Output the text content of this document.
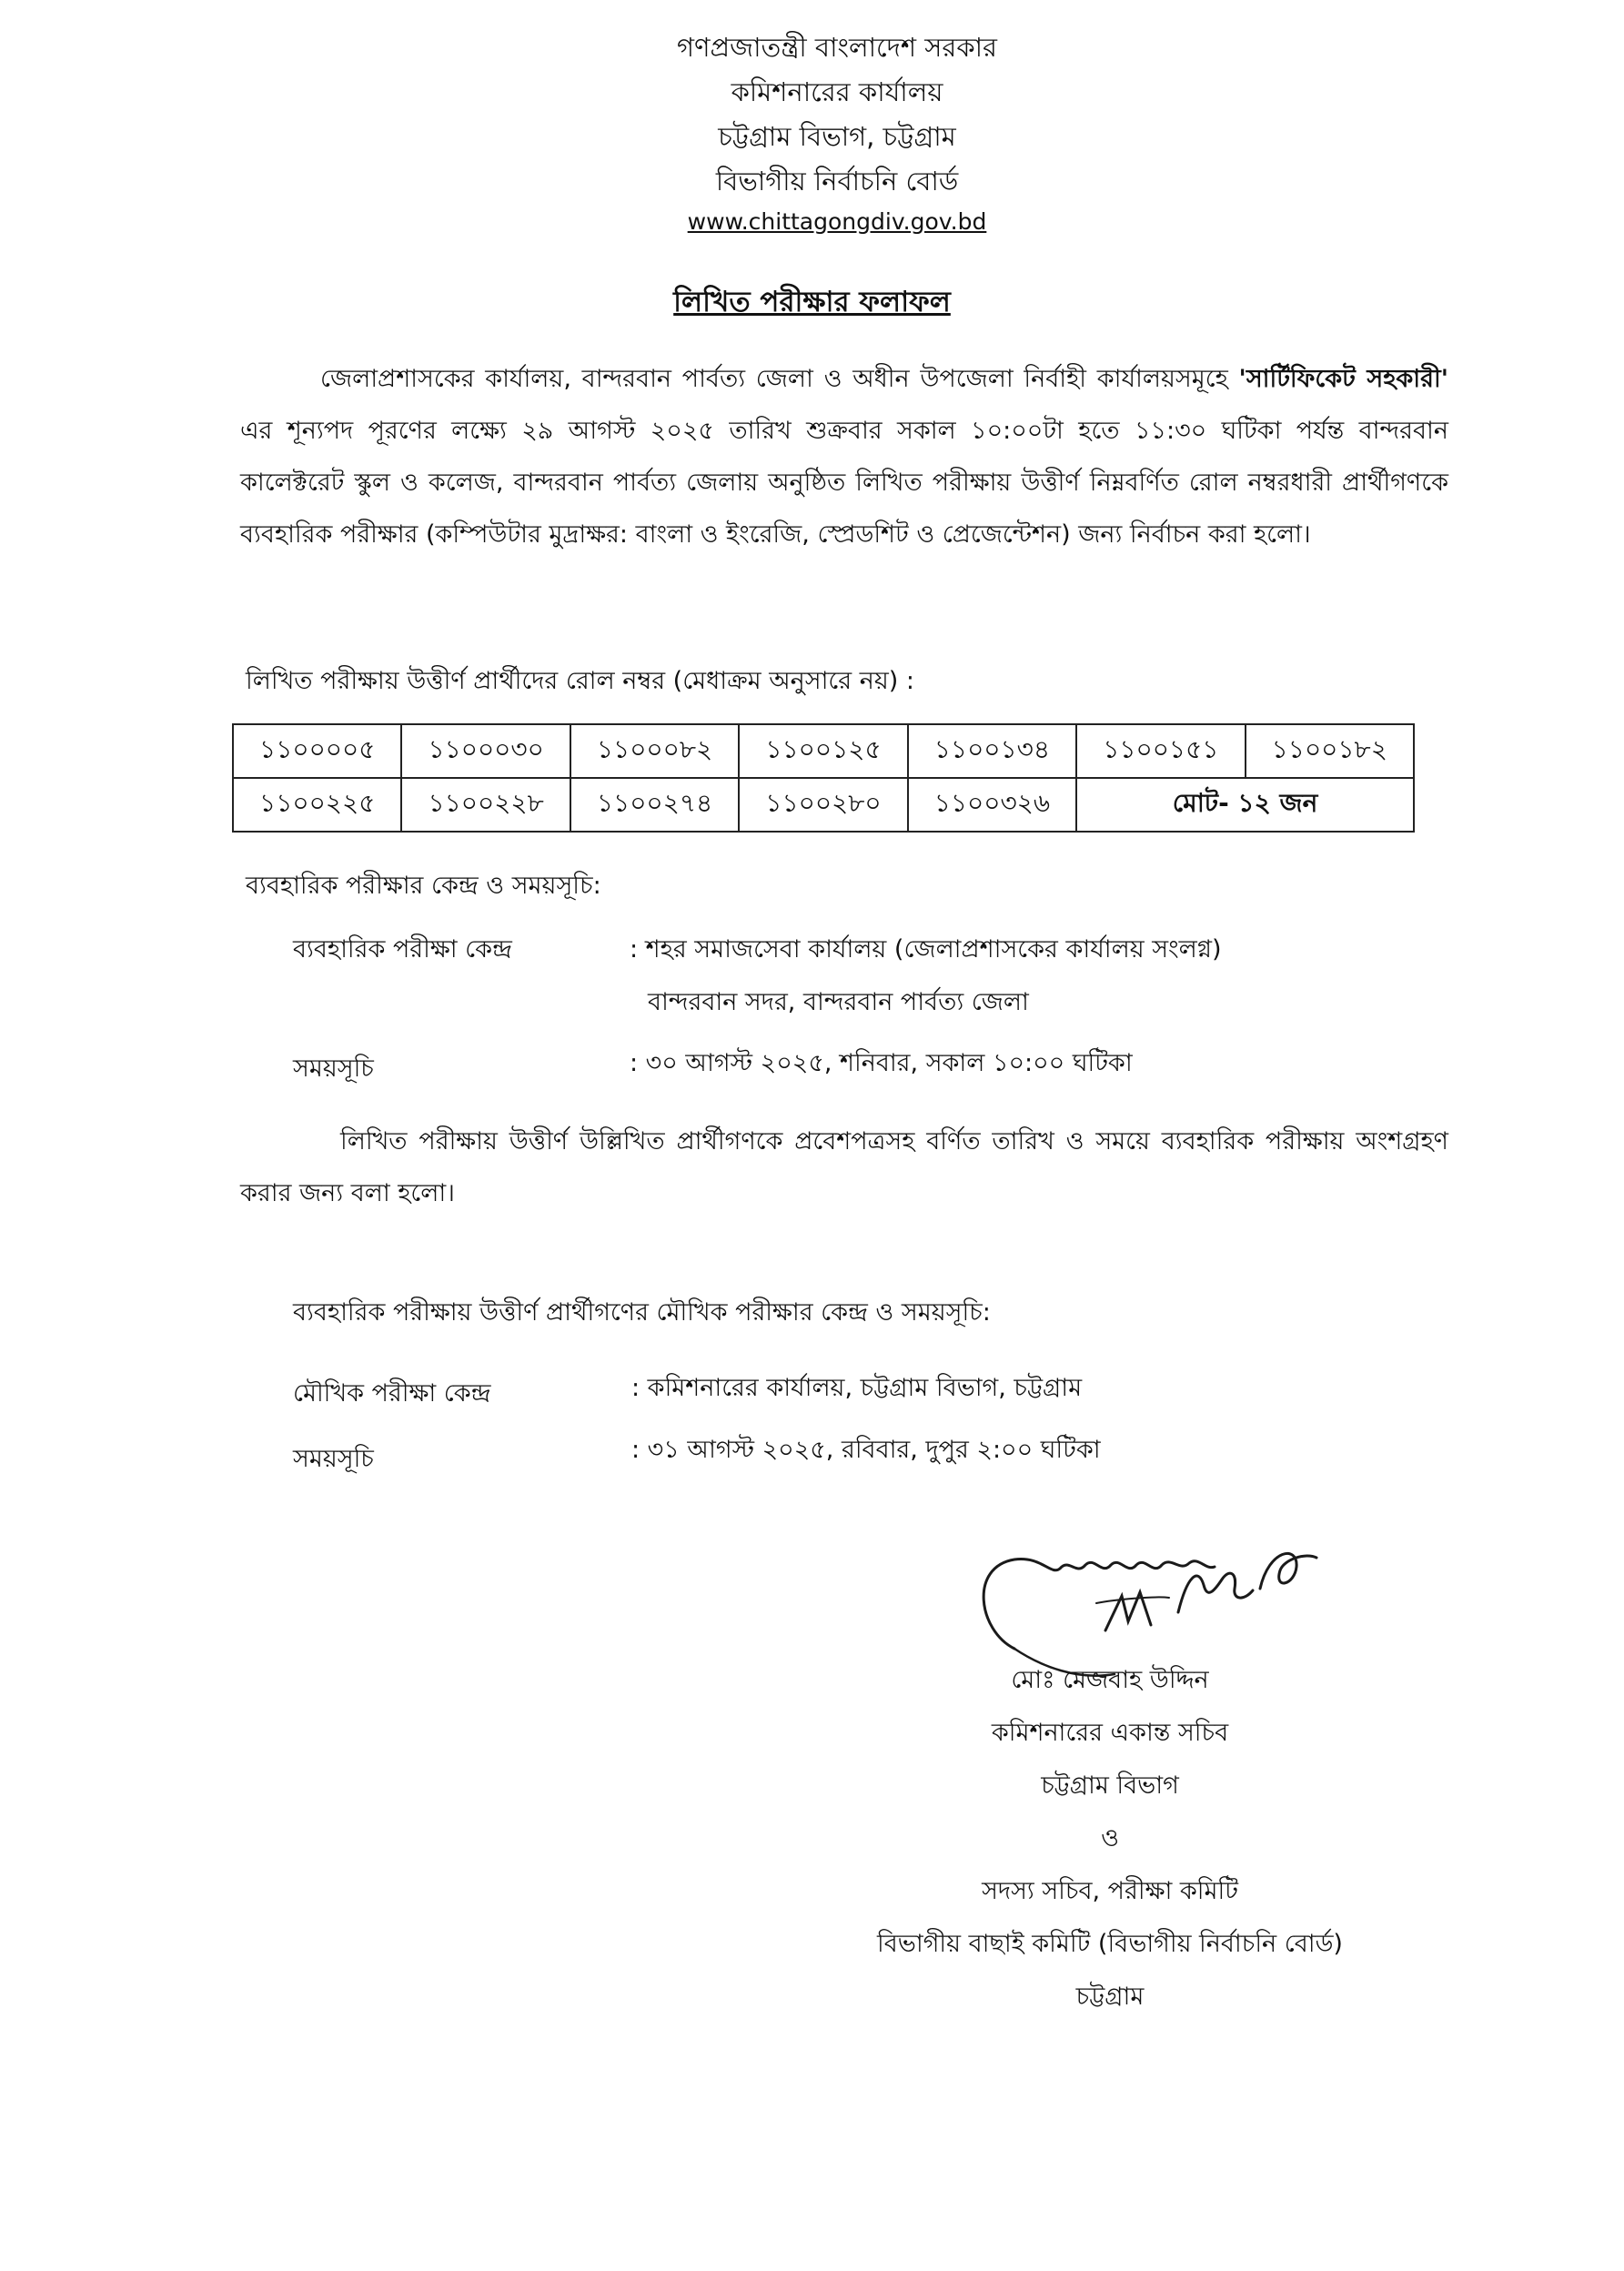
গণপ্রজাতন্ত্রী বাংলাদেশ সরকার
কমিশনারের কার্যালয়
চট্টগ্রাম বিভাগ, চট্টগ্রাম
বিভাগীয় নির্বাচনি বোর্ড
www.chittagongdiv.gov.bd
লিখিত পরীক্ষার ফলাফল
জেলাপ্রশাসকের কার্যালয়, বান্দরবান পার্বত্য জেলা ও অধীন উপজেলা নির্বাহী কার্যালয়সমূহে 'সার্টিফিকেট সহকারী' এর শূন্যপদ পূরণের লক্ষ্যে ২৯ আগস্ট ২০২৫ তারিখ শুক্রবার সকাল ১০:০০টা হতে ১১:৩০ ঘটিকা পর্যন্ত বান্দরবান কালেক্টরেট স্কুল ও কলেজ, বান্দরবান পার্বত্য জেলায় অনুষ্ঠিত লিখিত পরীক্ষায় উত্তীর্ণ নিম্নবর্ণিত রোল নম্বরধারী প্রার্থীগণকে ব্যবহারিক পরীক্ষার (কম্পিউটার মুদ্রাক্ষর: বাংলা ও ইংরেজি, স্প্রেডশিট ও প্রেজেন্টেশন) জন্য নির্বাচন করা হলো।
লিখিত পরীক্ষায় উত্তীর্ণ প্রার্থীদের রোল নম্বর (মেধাক্রম অনুসারে নয়) :
১১০০০০৫	১১০০০৩০	১১০০০৮২	১১০০১২৫	১১০০১৩৪	১১০০১৫১	১১০০১৮২
১১০০২২৫	১১০০২২৮	১১০০২৭৪	১১০০২৮০	১১০০৩২৬	মোট- ১২ জন	
ব্যবহারিক পরীক্ষার কেন্দ্র ও সময়সূচি:
ব্যবহারিক পরীক্ষা কেন্দ্র	: শহর সমাজসেবা কার্যালয় (জেলাপ্রশাসকের কার্যালয় সংলগ্ন)
বান্দরবান সদর, বান্দরবান পার্বত্য জেলা
সময়সূচি	: ৩০ আগস্ট ২০২৫, শনিবার, সকাল ১০:০০ ঘটিকা
লিখিত পরীক্ষায় উত্তীর্ণ উল্লিখিত প্রার্থীগণকে প্রবেশপত্রসহ বর্ণিত তারিখ ও সময়ে ব্যবহারিক পরীক্ষায় অংশগ্রহণ করার জন্য বলা হলো।
ব্যবহারিক পরীক্ষায় উত্তীর্ণ প্রার্থীগণের মৌখিক পরীক্ষার কেন্দ্র ও সময়সূচি:
মৌখিক পরীক্ষা কেন্দ্র	: কমিশনারের কার্যালয়, চট্টগ্রাম বিভাগ, চট্টগ্রাম
সময়সূচি	: ৩১ আগস্ট ২০২৫, রবিবার, দুপুর ২:০০ ঘটিকা
মোঃ মেজবাহ উদ্দিন
কমিশনারের একান্ত সচিব
চট্টগ্রাম বিভাগ
ও
সদস্য সচিব, পরীক্ষা কমিটি
বিভাগীয় বাছাই কমিটি (বিভাগীয় নির্বাচনি বোর্ড)
চট্টগ্রাম
